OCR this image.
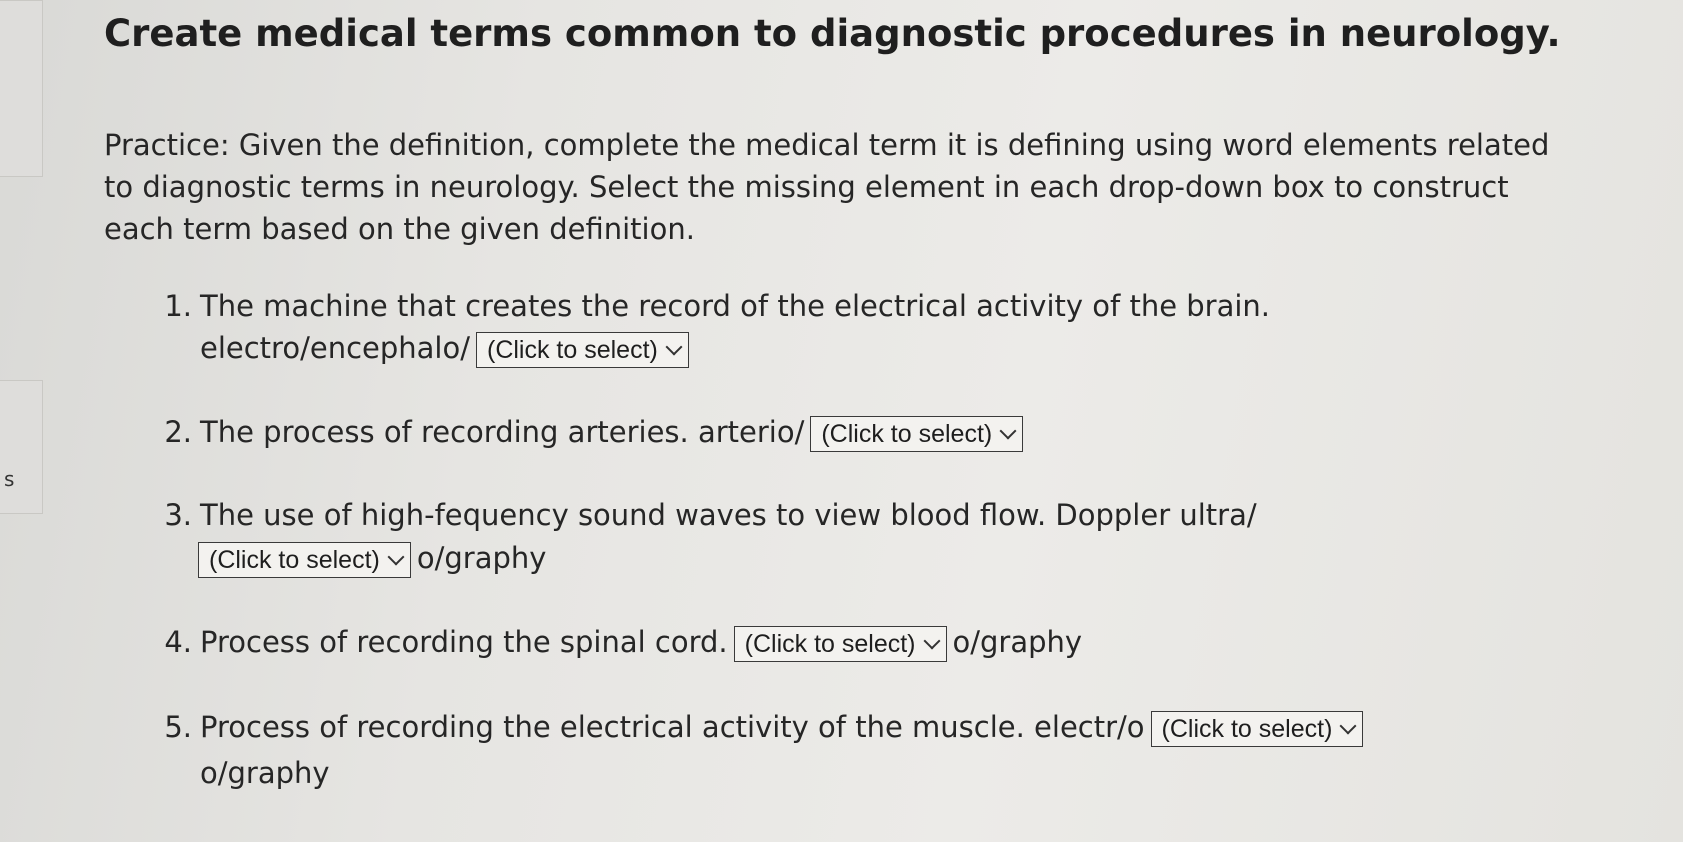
s
Create medical terms common to diagnostic procedures in neurology.

Practice: Given the definition, complete the medical term it is defining using word elements related to diagnostic terms in neurology. Select the missing element in each drop-down box to construct each term based on the given definition.

1. The machine that creates the record of the electrical activity of the brain.
electro/encephalo/ (Click to select)
2. The process of recording arteries. arterio/ (Click to select)
3. The use of high-fequency sound waves to view blood flow. Doppler ultra/
(Click to select) o/graphy
4. Process of recording the spinal cord. (Click to select) o/graphy
5. Process of recording the electrical activity of the muscle. electr/o (Click to select)
o/graphy
